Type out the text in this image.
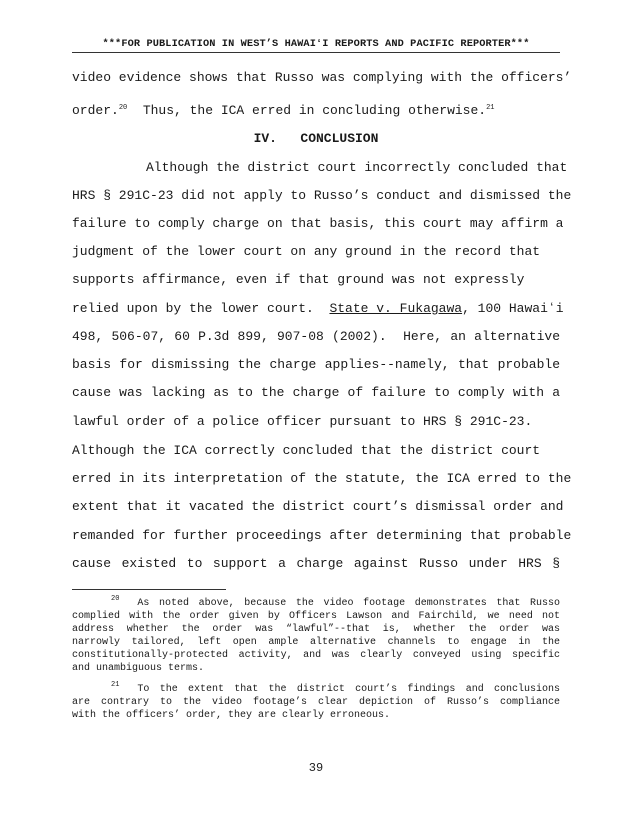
***FOR PUBLICATION IN WEST’S HAWAIʻI REPORTS AND PACIFIC REPORTER***
video evidence shows that Russo was complying with the officers’
order.$^{20}$  Thus, the ICA erred in concluding otherwise.$^{21}$
IV. CONCLUSION
Although the district court incorrectly concluded that
HRS § 291C-23 did not apply to Russo’s conduct and dismissed the
failure to comply charge on that basis, this court may affirm a
judgment of the lower court on any ground in the record that
supports affirmance, even if that ground was not expressly
relied upon by the lower court.  State v. Fukagawa, 100 Hawaiʻi
498, 506-07, 60 P.3d 899, 907-08 (2002).  Here, an alternative
basis for dismissing the charge applies--namely, that probable
cause was lacking as to the charge of failure to comply with a
lawful order of a police officer pursuant to HRS § 291C-23.
Although the ICA correctly concluded that the district court
erred in its interpretation of the statute, the ICA erred to the
extent that it vacated the district court’s dismissal order and
remanded for further proceedings after determining that probable
cause existed to support a charge against Russo under HRS §
$^{20}$ As noted above, because the video footage demonstrates that Russo
complied with the order given by Officers Lawson and Fairchild, we need not
address whether the order was “lawful”--that is, whether the order was
narrowly tailored, left open ample alternative channels to engage in the
constitutionally-protected activity, and was clearly conveyed using specific
and unambiguous terms.
$^{21}$ To the extent that the district court’s findings and conclusions
are contrary to the video footage’s clear depiction of Russo’s compliance
with the officers’ order, they are clearly erroneous.
39
